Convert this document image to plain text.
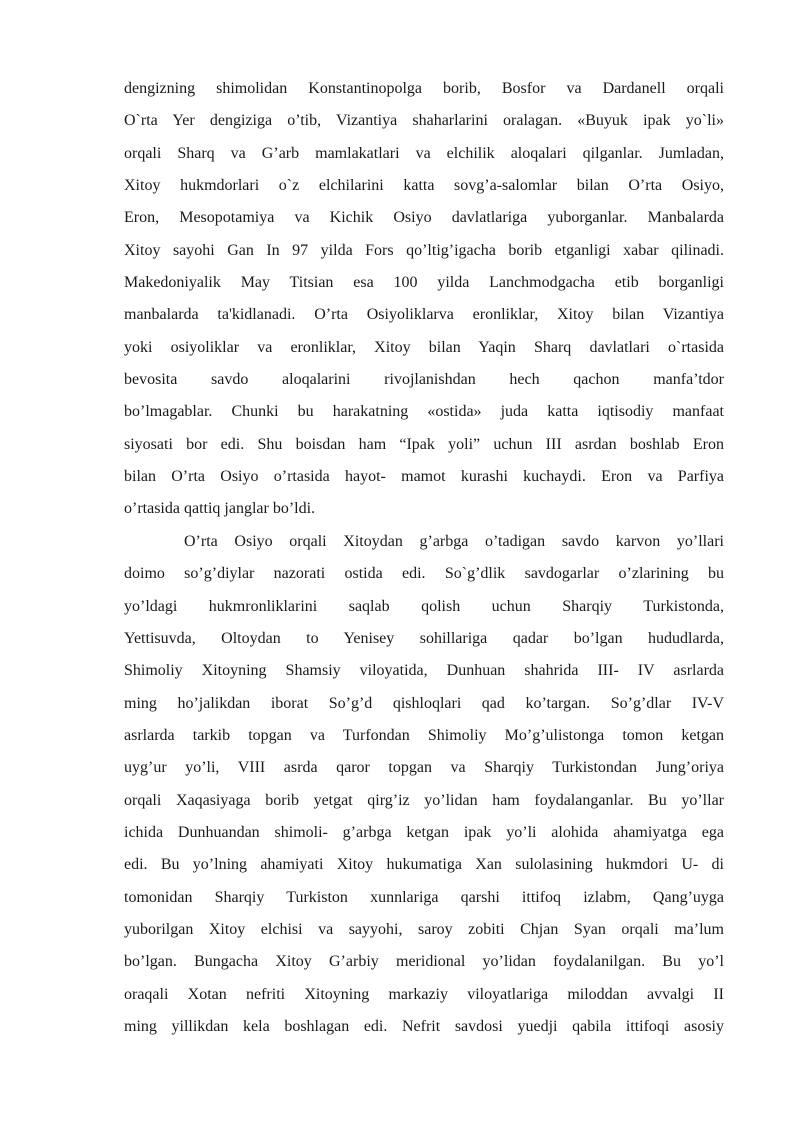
dengizning shimolidan Konstantinopolga borib, Bosfor va Dardanell orqali
O`rta Yer dengiziga o’tib, Vizantiya shaharlarini oralagan. «Buyuk ipak yo`li»
orqali Sharq va G’arb mamlakatlari va elchilik aloqalari qilganlar. Jumladan,
Xitoy hukmdorlari o`z elchilarini katta sovg’a-salomlar bilan O’rta Osiyo,
Eron, Mesopotamiya va Kichik Osiyo davlatlariga yuborganlar. Manbalarda
Xitoy sayohi Gan In 97 yilda Fors qo’ltig’igacha borib etganligi xabar qilinadi.
Makedoniyalik May Titsian esa 100 yilda Lanchmodgacha etib borganligi
manbalarda ta'kidlanadi. O’rta Osiyoliklarva eronliklar, Xitoy bilan Vizantiya
yoki osiyoliklar va eronliklar, Xitoy bilan Yaqin Sharq davlatlari o`rtasida
bevosita savdo aloqalarini rivojlanishdan hech qachon manfa’tdor
bo’lmagablar. Chunki bu harakatning «ostida» juda katta iqtisodiy manfaat
siyosati bor edi. Shu boisdan ham “Ipak yoli” uchun III asrdan boshlab Eron
bilan O’rta Osiyo o’rtasida hayot- mamot kurashi kuchaydi. Eron va Parfiya
o’rtasida qattiq janglar bo’ldi.
O’rta Osiyo orqali Xitoydan g’arbga o’tadigan savdo karvon yo’llari
doimo so’g’diylar nazorati ostida edi. So`g’dlik savdogarlar o’zlarining bu
yo’ldagi hukmronliklarini saqlab qolish uchun Sharqiy Turkistonda,
Yettisuvda, Oltoydan to Yenisey sohillariga qadar bo’lgan hududlarda,
Shimoliy Xitoyning Shamsiy viloyatida, Dunhuan shahrida III- IV asrlarda
ming ho’jalikdan iborat So’g’d qishloqlari qad ko’targan. So’g’dlar IV-V
asrlarda tarkib topgan va Turfondan Shimoliy Mo’g’ulistonga tomon ketgan
uyg’ur yo’li, VIII asrda qaror topgan va Sharqiy Turkistondan Jung’oriya
orqali Xaqasiyaga borib yetgat qirg’iz yo’lidan ham foydalanganlar. Bu yo’llar
ichida Dunhuandan shimoli- g’arbga ketgan ipak yo’li alohida ahamiyatga ega
edi. Bu yo’lning ahamiyati Xitoy hukumatiga Xan sulolasining hukmdori U- di
tomonidan Sharqiy Turkiston xunnlariga qarshi ittifoq izlabm, Qang’uyga
yuborilgan Xitoy elchisi va sayyohi, saroy zobiti Chjan Syan orqali ma’lum
bo’lgan. Bungacha Xitoy G’arbiy meridional yo’lidan foydalanilgan. Bu yo’l
oraqali Xotan nefriti Xitoyning markaziy viloyatlariga miloddan avvalgi II
ming yillikdan kela boshlagan edi. Nefrit savdosi yuedji qabila ittifoqi asosiy
